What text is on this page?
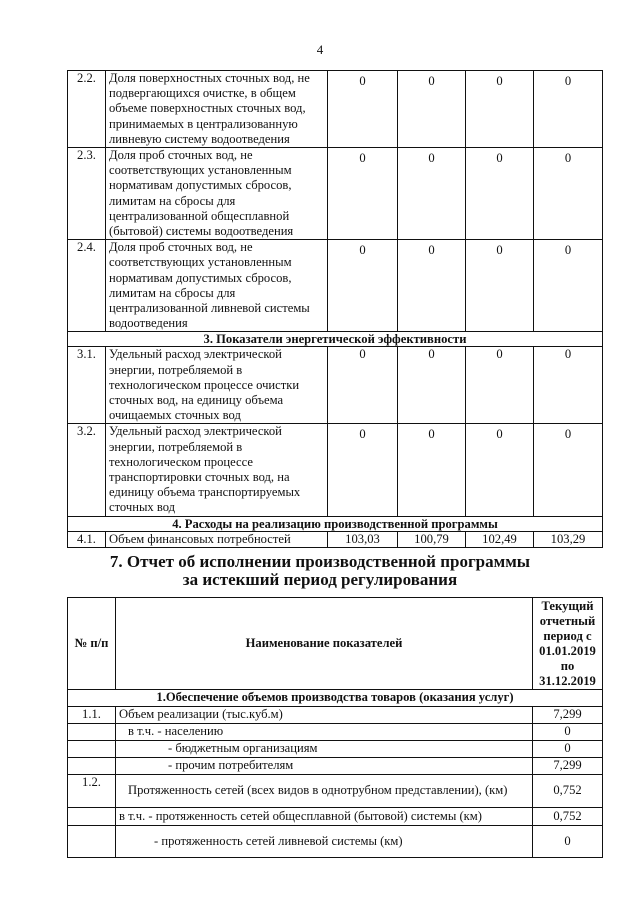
4
2.2.	Доля поверхностных сточных вод, не подвергающихся очистке, в общем объеме поверхностных сточных вод, принимаемых в централизованную ливневую систему водоотведения	0	0	0	0
2.3.	Доля проб сточных вод, не соответствующих установленным нормативам допустимых сбросов, лимитам на сбросы для централизованной общесплавной (бытовой) системы водоотведения	0	0	0	0
2.4.	Доля проб сточных вод, не соответствующих установленным нормативам допустимых сбросов, лимитам на сбросы для централизованной ливневой системы водоотведения	0	0	0	0
3. Показатели энергетической эффективности					
3.1.	Удельный расход электрической энергии, потребляемой в технологическом процессе очистки сточных вод, на единицу объема очищаемых сточных вод	0	0	0	0
3.2.	Удельный расход электрической энергии, потребляемой в технологическом процессе транспортировки сточных вод, на единицу объема транспортируемых сточных вод	0	0	0	0
4. Расходы на реализацию производственной программы					
4.1.	Объем финансовых потребностей	103,03	100,79	102,49	103,29
7. Отчет об исполнении производственной программы
за истекший период регулирования
№ п/п	Наименование показателей	Текущий отчетный период с 01.01.2019 по 31.12.2019
1.Обеспечение объемов производства товаров (оказания услуг)		
1.1.	Объем реализации (тыс.куб.м)	7,299
	в т.ч. - населению	0
	- бюджетным организациям	0
	- прочим потребителям	7,299
1.2.	Протяженность сетей (всех видов в однотрубном представлении), (км)	0,752
	в т.ч. - протяженность сетей общесплавной (бытовой) системы (км)	0,752
	- протяженность сетей ливневой системы (км)	0
